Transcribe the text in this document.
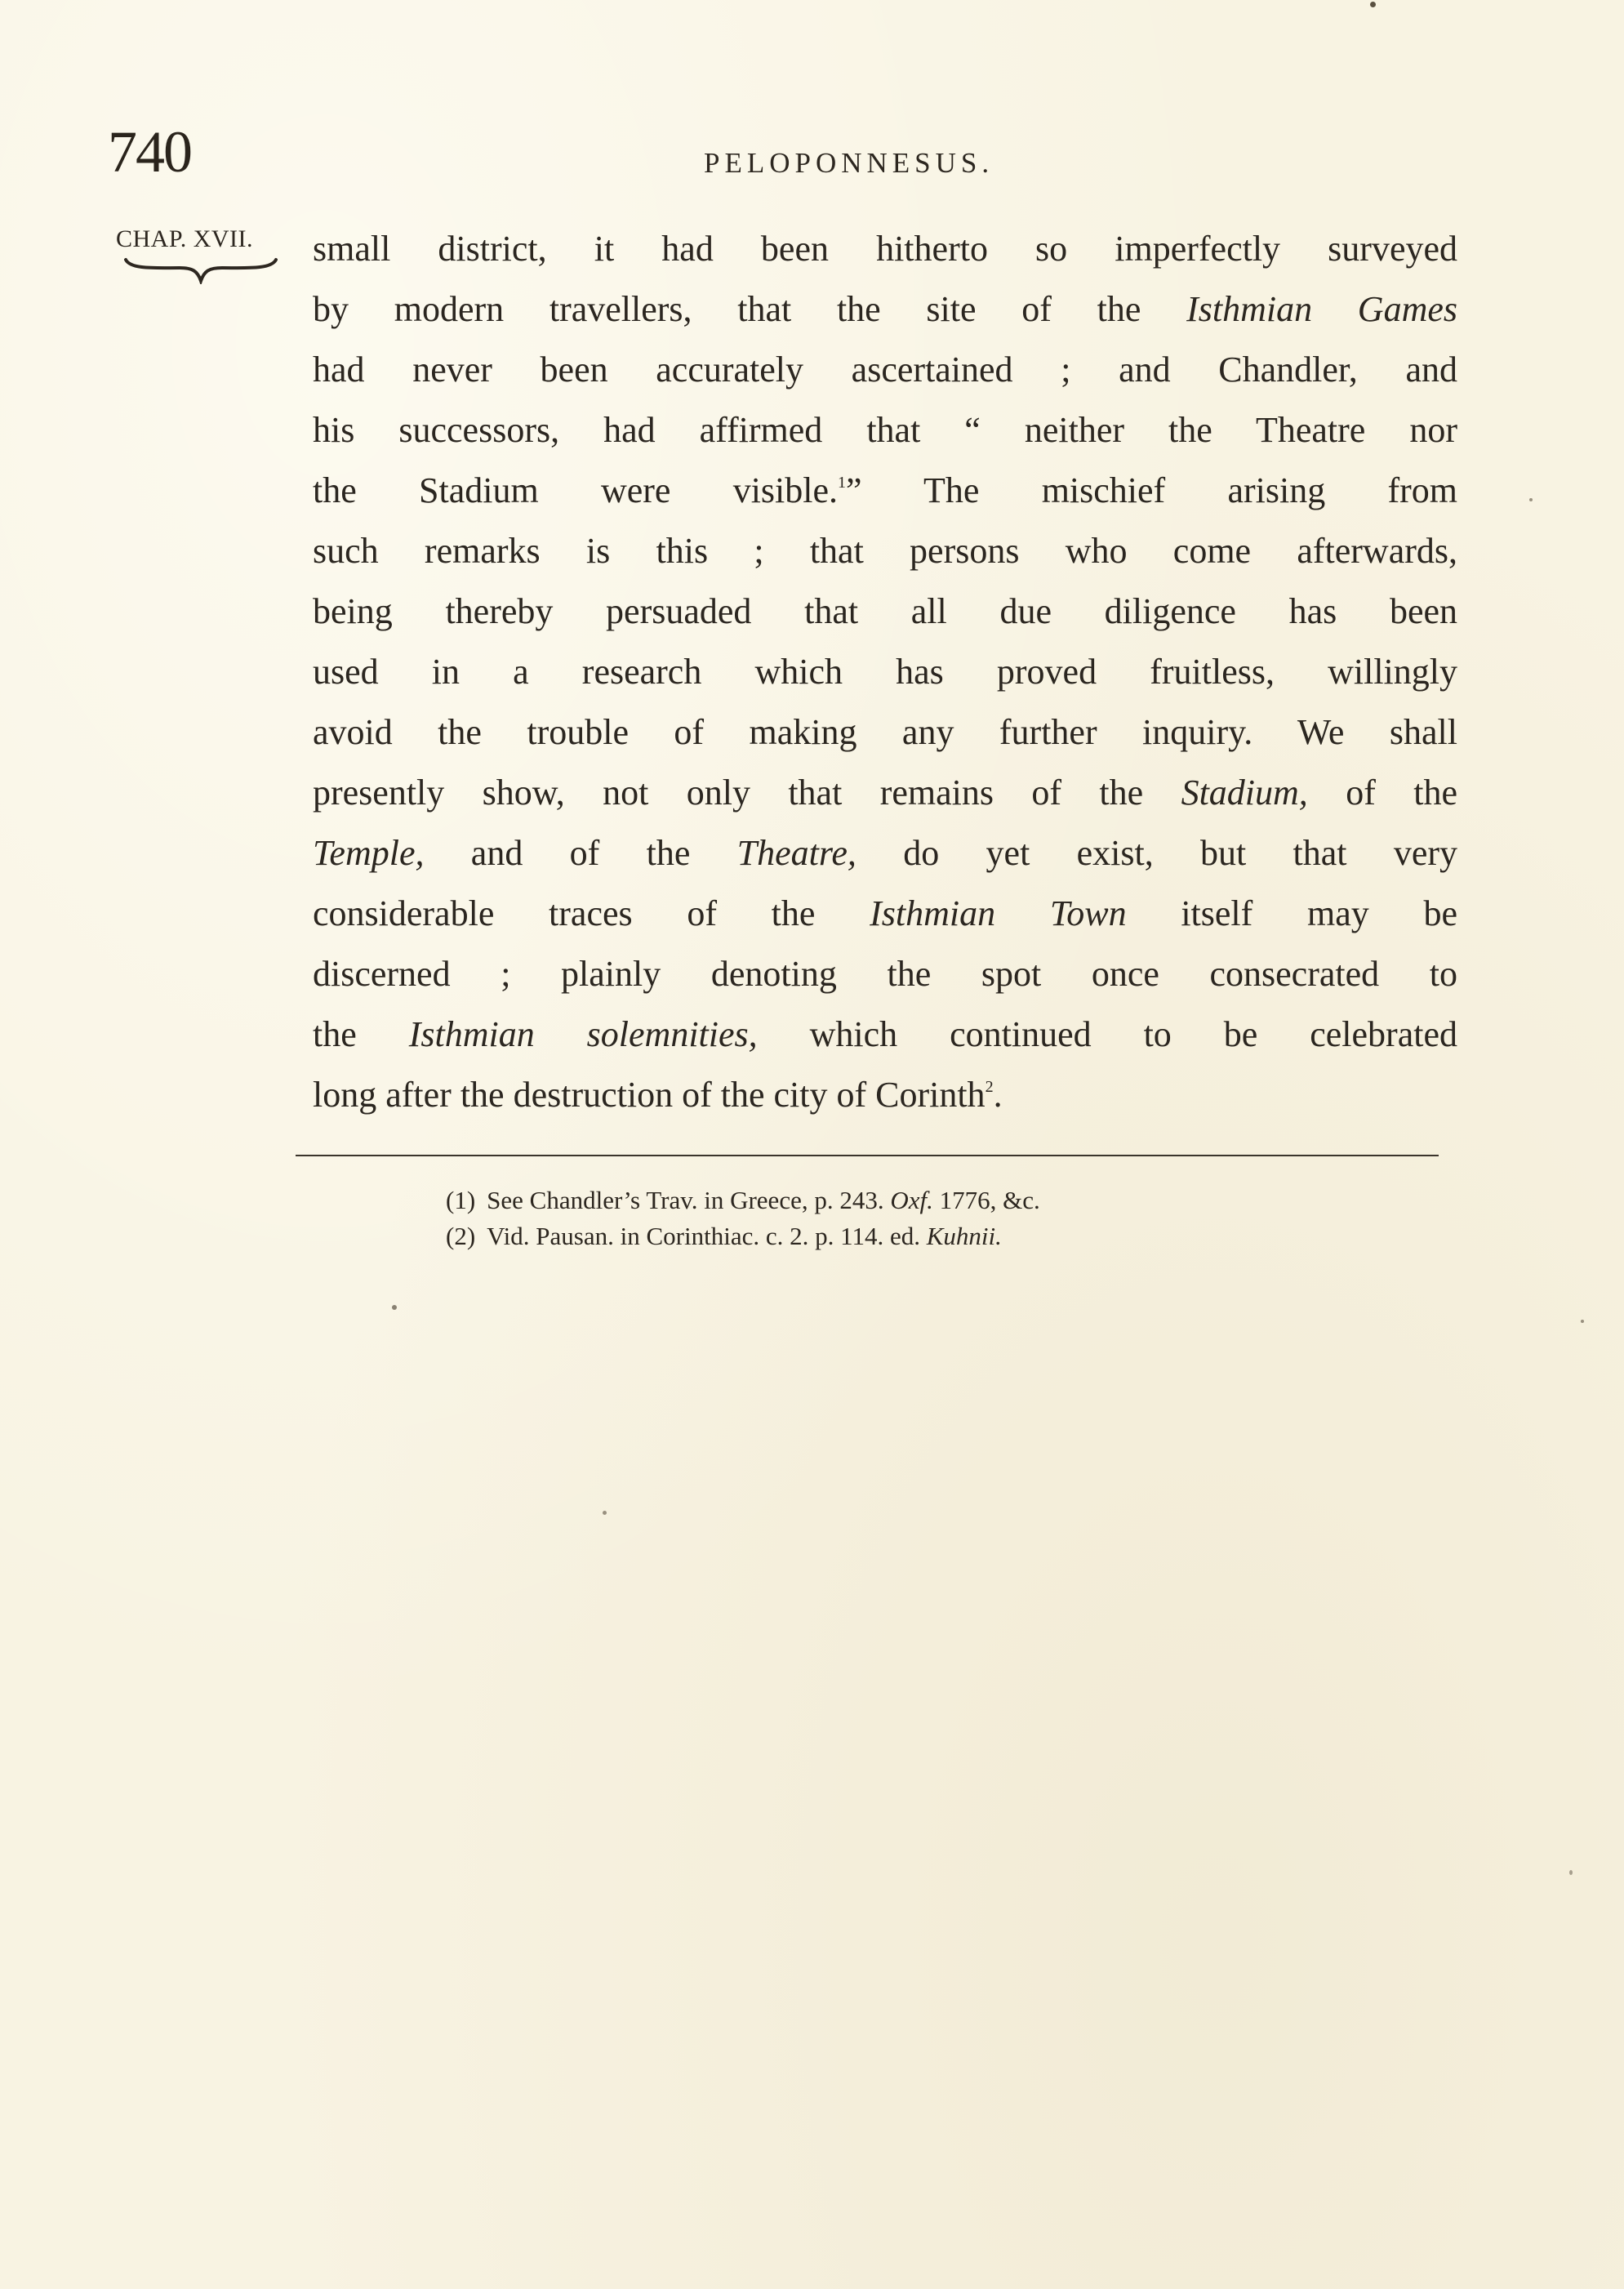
740	PELOPONNESUS.
CHAP. XVII. small district, it had been hitherto so imperfectly surveyed
by modern travellers, that the site of the Isthmian Games
had never been accurately ascertained ; and Chandler, and
his successors, had affirmed that “ neither the Theatre nor
the Stadium were visible.$^1$” The mischief arising from
such remarks is this ; that persons who come afterwards,
being thereby persuaded that all due diligence has been
used in a research which has proved fruitless, willingly
avoid the trouble of making any further inquiry. We shall
presently show, not only that remains of the Stadium, of the
Temple, and of the Theatre, do yet exist, but that very
considerable traces of the Isthmian Town itself may be
discerned ; plainly denoting the spot once consecrated to
the Isthmian solemnities, which continued to be celebrated
long after the destruction of the city of Corinth$^2$.
(1) See Chandler’s Trav. in Greece, p. 243. Oxf. 1776, &c.
(2) Vid. Pausan. in Corinthiac. c. 2. p. 114. ed. Kuhnii.
